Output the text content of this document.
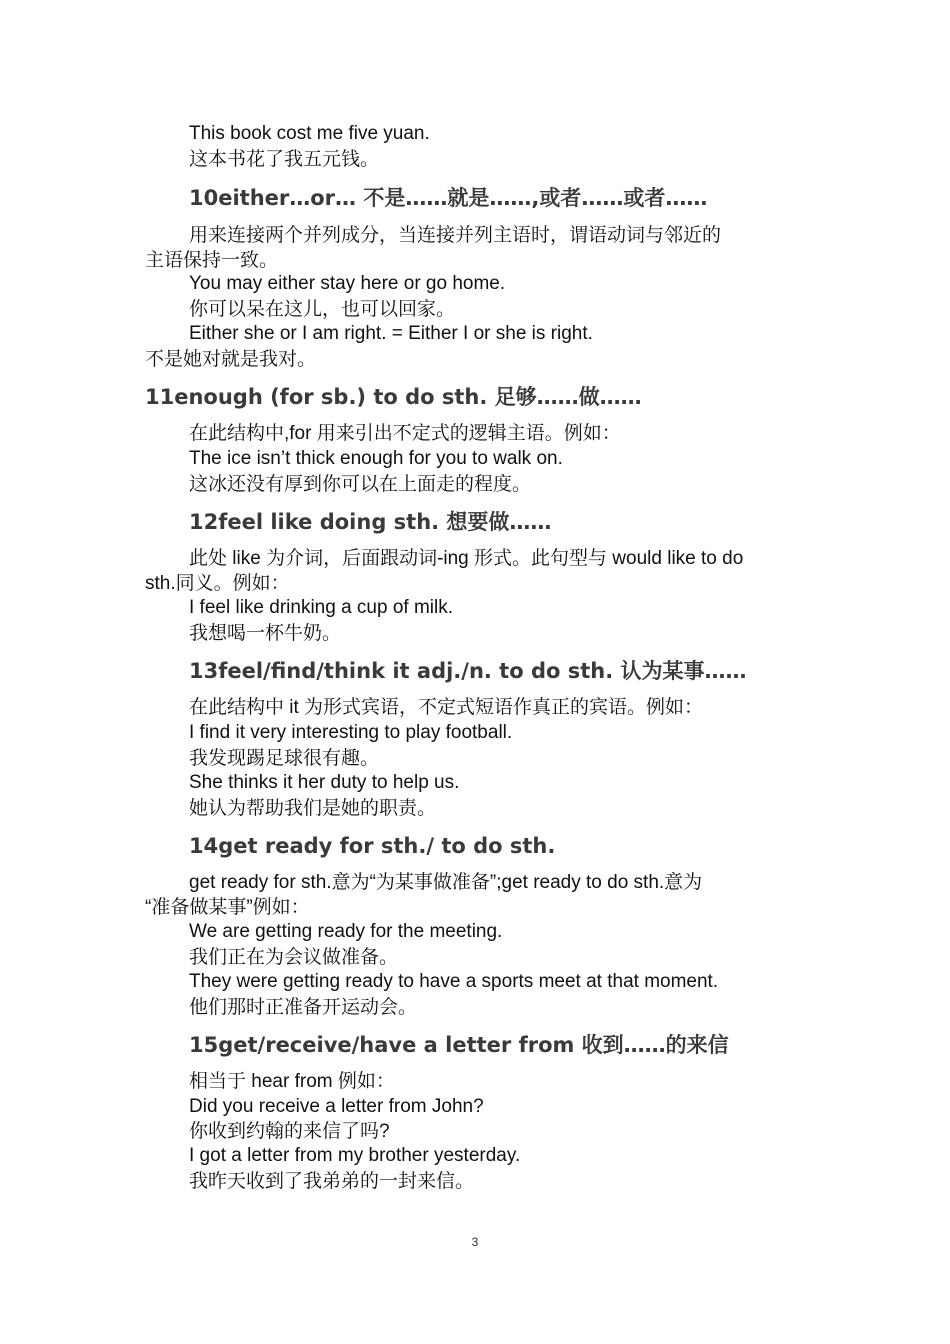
This book cost me five yuan.
这本书花了我五元钱。
10either…or… 不是……就是……,或者……或者……
用来连接两个并列成分，当连接并列主语时，谓语动词与邻近的
主语保持一致。
You may either stay here or go home.
你可以呆在这儿，也可以回家。
Either she or I am right. = Either I or she is right.
不是她对就是我对。
11enough (for sb.) to do sth. 足够……做……
在此结构中,for 用来引出不定式的逻辑主语。例如：
The ice isn’t thick enough for you to walk on.
这冰还没有厚到你可以在上面走的程度。
12feel like doing sth. 想要做……
此处 like 为介词，后面跟动词-ing 形式。此句型与 would like to do
sth.同义。例如：
I feel like drinking a cup of milk.
我想喝一杯牛奶。
13feel/find/think it adj./n. to do sth. 认为某事……
在此结构中 it 为形式宾语，不定式短语作真正的宾语。例如：
I find it very interesting to play football.
我发现踢足球很有趣。
She thinks it her duty to help us.
她认为帮助我们是她的职责。
14get ready for sth./ to do sth.
get ready for sth.意为“为某事做准备”;get ready to do sth.意为
“准备做某事”例如：
We are getting ready for the meeting.
我们正在为会议做准备。
They were getting ready to have a sports meet at that moment.
他们那时正准备开运动会。
15get/receive/have a letter from 收到……的来信
相当于 hear from 例如：
Did you receive a letter from John?
你收到约翰的来信了吗?
I got a letter from my brother yesterday.
我昨天收到了我弟弟的一封来信。
3
